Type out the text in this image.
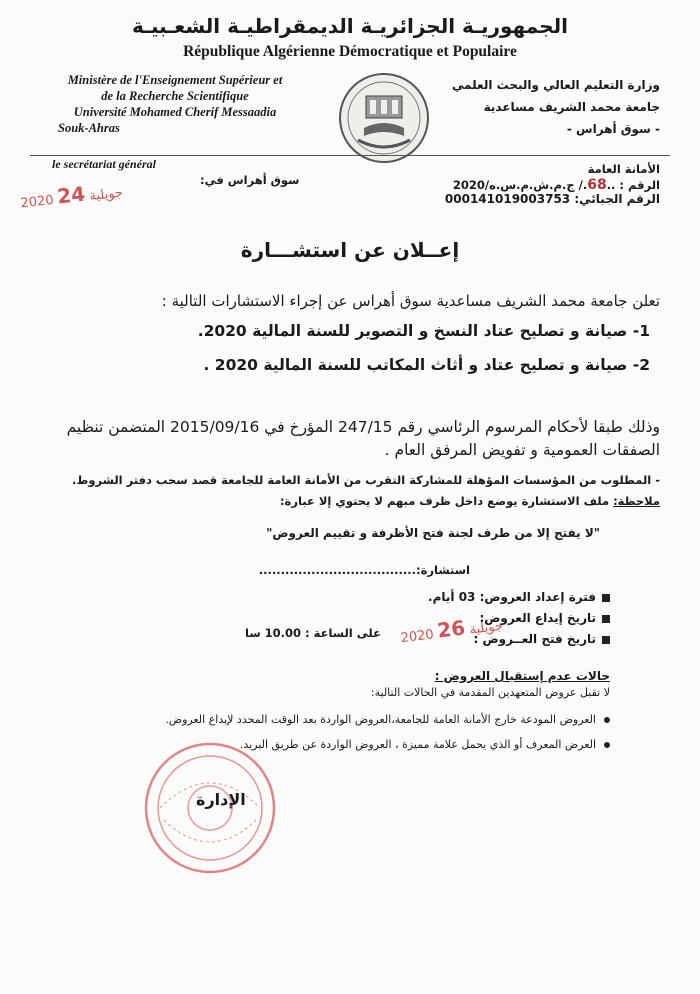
الجمهوريـة الجزائريـة الديمقراطيـة الشعـبيـة
République Algérienne Démocratique et Populaire
Ministère de l'Enseignement Supérieur et
de la Recherche Scientifique
Université Mohamed Cherif Messaadia
Souk-Ahras
وزارة التعليم العالي والبحث العلمي
جامعة محمد الشريف مساعدية
- سوق أهراس -
le secrétariat général
سوق أهراس في:
2020	جويلية 24
الأمانة العامة
الرقم : ..68./ ج.م.ش.م.س.ه/2020
الرقم الجبائي: 000141019003753
إعــلان عن استشـــارة
تعلن جامعة محمد الشريف مساعدية سوق أهراس عن إجراء الاستشارات التالية :
1- صيانة و تصليح عتاد النسخ و التصوير للسنة المالية 2020.
2- صيانة و تصليح عتاد و أثاث المكاتب للسنة المالية 2020 .
وذلك طبقا لأحكام المرسوم الرئاسي رقم 247/15 المؤرخ في 2015/09/16 المتضمن تنظيم الصفقات العمومية و تفويض المرفق العام .
- المطلوب من المؤسسات المؤهلة للمشاركة التقرب من الأمانة العامة للجامعة قصد سحب دفتر الشروط.
ملاحظة: ملف الاستشارة يوضع داخل ظرف مبهم لا يحتوي إلا عبارة:
"لا يفتح إلا من طرف لجنة فتح الأظرفة و تقييم العروض"
استشارة:....................................
فترة إعداد العروض: 03 أيام.
تاريخ إيداع العروض:
تاريخ فتح العــروض :
2020	جويلية 26
على الساعة : 10.00 سا
حالات عدم إستقبال العروض :
لا تقبل عروض المتعهدين المقدمة في الحالات التالية:
العروض المودعة خارج الأمانة العامة للجامعة،العروض الواردة بعد الوقت المحدد لإيداع العروض.
العرض المعرف أو الذي يحمل علامة مميزة ، العروض الواردة عن طريق البريد.
الإدارة
